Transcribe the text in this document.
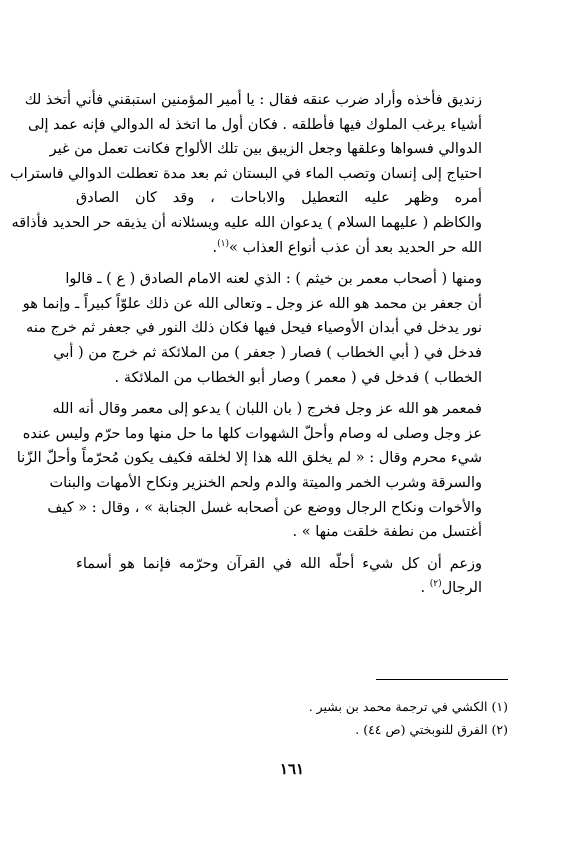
زنديق فأخذه وأراد ضرب عنقه فقال : يا أمير المؤمنين استبقني فأني أتخذ لك
أشياء يرغب الملوك فيها فأطلقه . فكان أول ما اتخذ له الدوالي فإنه عمد إلى
الدوالي فسواها وعلقها وجعل الزيبق بين تلك الألواح فكانت تعمل من غير
احتياج إلى إنسان وتصب الماء في البستان ثم بعد مدة تعطلت الدوالي فاستراب
أمره وظهر عليه التعطيل والاباحات ، وقد كان الصادق
والكاظم ( عليهما السلام ) يدعوان الله عليه ويسئلانه أن يذيقه حر الحديد فأذاقه
الله حر الحديد بعد أن عذب أنواع العذاب »$^{(١)}$.

ومنها ( أصحاب معمر بن خيثم ) : الذي لعنه الامام الصادق ( ع ) ـ قالوا
أن جعفر بن محمد هو الله عز وجل ـ وتعالى الله عن ذلك علوّاً كبيراً ـ وإنما هو
نور يدخل في أبدان الأوصياء فيحل فيها فكان ذلك النور في جعفر ثم خرج منه
فدخل في ( أبي الخطاب ) فصار ( جعفر ) من الملائكة ثم خرج من ( أبي
الخطاب ) فدخل في ( معمر ) وصار أبو الخطاب من الملائكة .

فمعمر هو الله عز وجل فخرج ( بان اللبان ) يدعو إلى معمر وقال أنه الله
عز وجل وصلى له وصام وأحلّ الشهوات كلها ما حل منها وما حرّم وليس عنده
شيء محرم وقال : « لم يخلق الله هذا إلا لخلقه فكيف يكون مُحرّماً وأحلّ الزّنا
والسرقة وشرب الخمر والميتة والدم ولحم الخنزير ونكاح الأمهات والبنات
والأخوات ونكاح الرجال ووضع عن أصحابه غسل الجنابة » ، وقال : « كيف
أغتسل من نطفة خلقت منها » .

وزعم أن كل شيء أحلّه الله في القرآن وحرّمه فإنما هو أسماء
الرجال$^{(٢)}$ .

(١) الكشي في ترجمة محمد بن بشير .
(٢) الفرق للنوبختي (ص ٤٤) .
١٦١
